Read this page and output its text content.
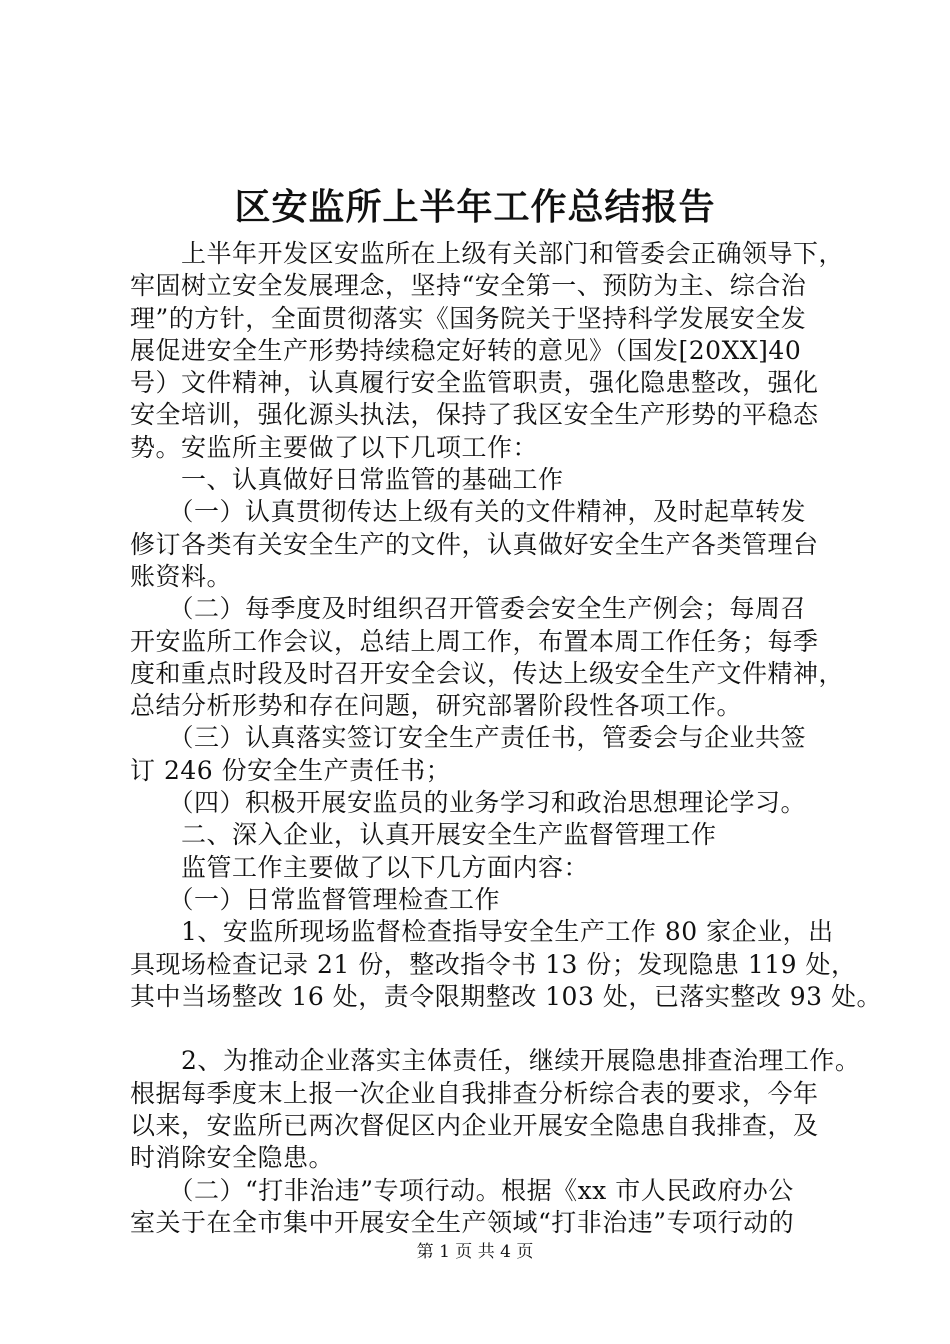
区安监所上半年工作总结报告
　　上半年开发区安监所在上级有关部门和管委会正确领导下，
牢固树立安全发展理念，坚持“安全第一、预防为主、综合治
理”的方针，全面贯彻落实《国务院关于坚持科学发展安全发
展促进安全生产形势持续稳定好转的意见》（国发[20XX]40
号）文件精神，认真履行安全监管职责，强化隐患整改，强化
安全培训，强化源头执法，保持了我区安全生产形势的平稳态
势。安监所主要做了以下几项工作：
　　一、认真做好日常监管的基础工作
　　（一）认真贯彻传达上级有关的文件精神，及时起草转发
修订各类有关安全生产的文件，认真做好安全生产各类管理台
账资料。
　　（二）每季度及时组织召开管委会安全生产例会；每周召
开安监所工作会议，总结上周工作，布置本周工作任务；每季
度和重点时段及时召开安全会议，传达上级安全生产文件精神，
总结分析形势和存在问题，研究部署阶段性各项工作。
　　（三）认真落实签订安全生产责任书，管委会与企业共签
订 246 份安全生产责任书；
　　（四）积极开展安监员的业务学习和政治思想理论学习。
　　二、深入企业，认真开展安全生产监督管理工作
　　监管工作主要做了以下几方面内容：
　　（一）日常监督管理检查工作
　　1、安监所现场监督检查指导安全生产工作 80 家企业，出
具现场检查记录 21 份，整改指令书 13 份；发现隐患 119 处，
其中当场整改 16 处，责令限期整改 103 处，已落实整改 93 处。
　　2、为推动企业落实主体责任，继续开展隐患排查治理工作。
根据每季度末上报一次企业自我排查分析综合表的要求，今年
以来，安监所已两次督促区内企业开展安全隐患自我排查，及
时消除安全隐患。
　　（二）“打非治违”专项行动。根据《xx 市人民政府办公
室关于在全市集中开展安全生产领域“打非治违”专项行动的
第 1 页 共 4 页
